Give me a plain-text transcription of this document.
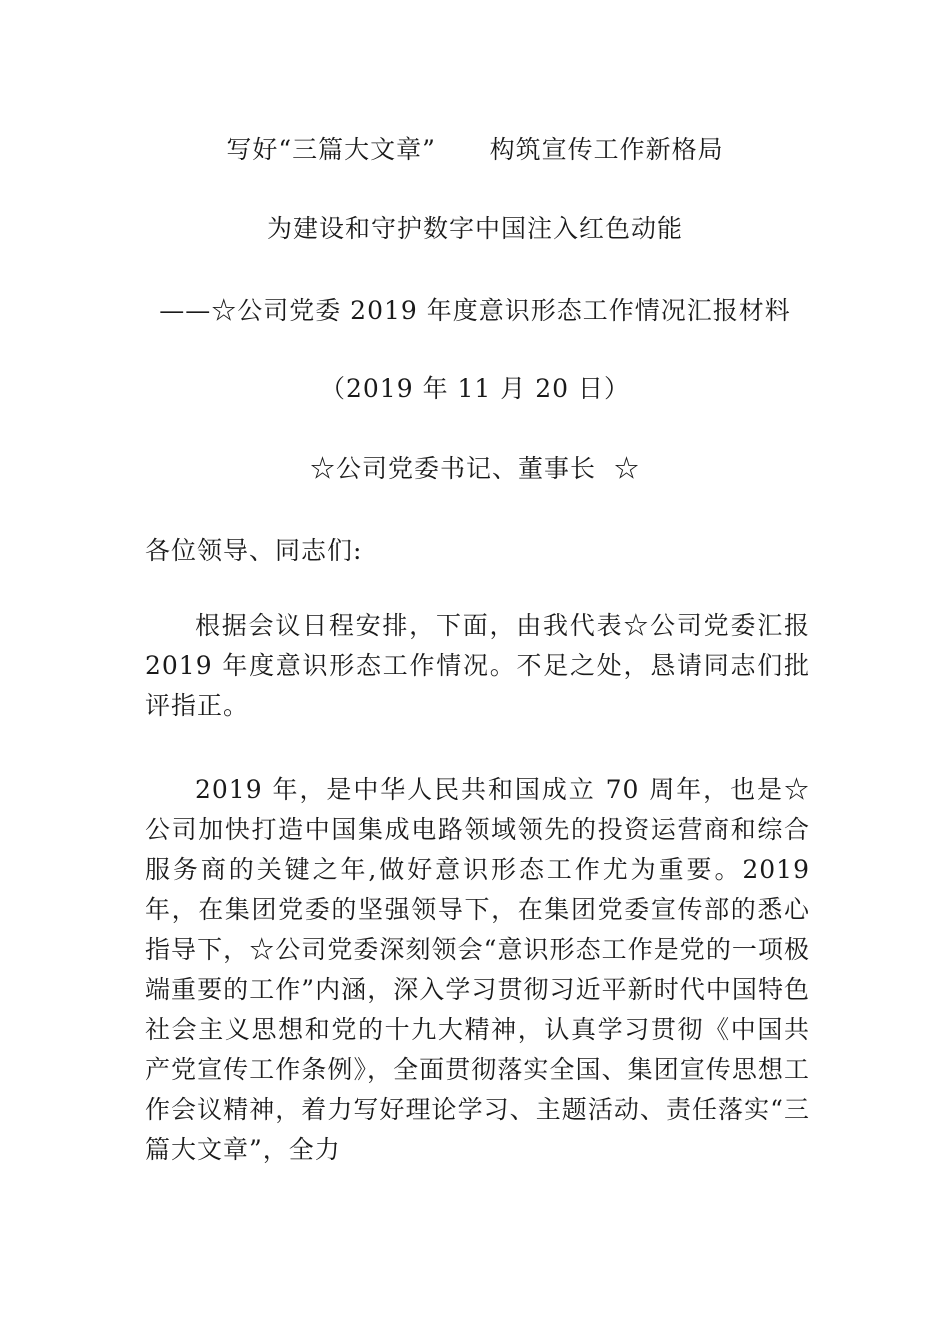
写好“三篇大文章”      构筑宣传工作新格局
为建设和守护数字中国注入红色动能
——☆公司党委 2019 年度意识形态工作情况汇报材料
（2019 年 11 月 20 日）
☆公司党委书记、董事长  ☆
各位领导、同志们:

根据会议日程安排，下面，由我代表☆公司党委汇报 2019 年度意识形态工作情况。不足之处，恳请同志们批评指正。

2019 年，是中华人民共和国成立 70 周年，也是☆公司加快打造中国集成电路领域领先的投资运营商和综合服务商的关键之年,做好意识形态工作尤为重要。2019 年，在集团党委的坚强领导下，在集团党委宣传部的悉心指导下，☆公司党委深刻领会“意识形态工作是党的一项极端重要的工作”内涵，深入学习贯彻习近平新时代中国特色社会主义思想和党的十九大精神，认真学习贯彻《中国共产党宣传工作条例》，全面贯彻落实全国、集团宣传思想工作会议精神，着力写好理论学习、主题活动、责任落实“三篇大文章”，全力
